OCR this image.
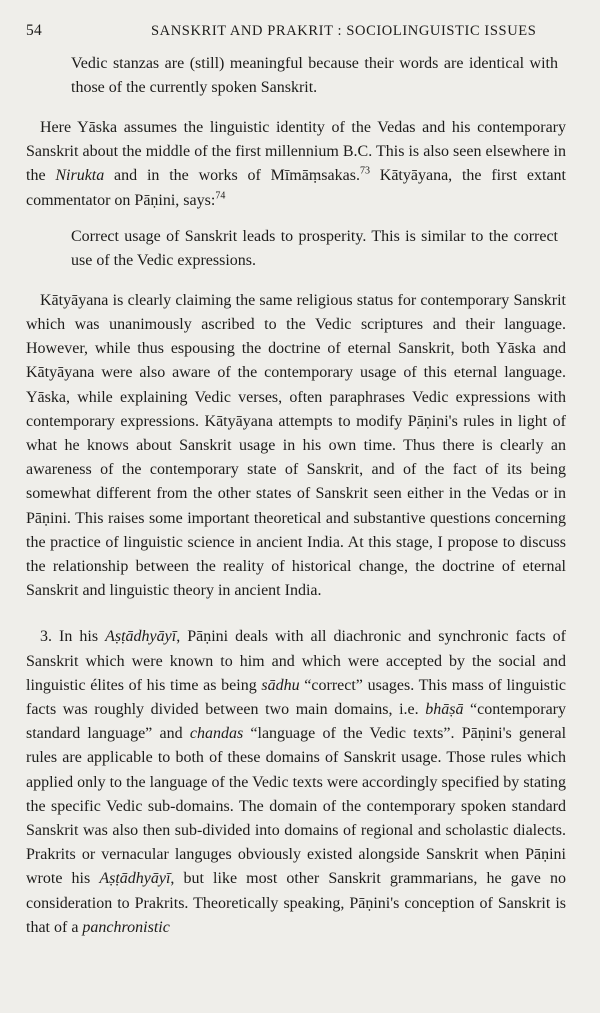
54	SANSKRIT AND PRAKRIT : SOCIOLINGUISTIC ISSUES
Vedic stanzas are (still) meaningful because their words are identical with those of the currently spoken Sanskrit.

Here Yāska assumes the linguistic identity of the Vedas and his contemporary Sanskrit about the middle of the first millennium B.C. This is also seen elsewhere in the Nirukta and in the works of Mīmāṃsakas.$^{73}$ Kātyāyana, the first extant commentator on Pāṇini, says:$^{74}$

Correct usage of Sanskrit leads to prosperity. This is similar to the correct use of the Vedic expressions.

Kātyāyana is clearly claiming the same religious status for contemporary Sanskrit which was unanimously ascribed to the Vedic scriptures and their language. However, while thus espousing the doctrine of eternal Sanskrit, both Yāska and Kātyāyana were also aware of the contemporary usage of this eternal language. Yāska, while explaining Vedic verses, often paraphrases Vedic expressions with contemporary expressions. Kātyāyana attempts to modify Pāṇini's rules in light of what he knows about Sanskrit usage in his own time. Thus there is clearly an awareness of the contemporary state of Sanskrit, and of the fact of its being somewhat different from the other states of Sanskrit seen either in the Vedas or in Pāṇini. This raises some important theoretical and substantive questions concerning the practice of linguistic science in ancient India. At this stage, I propose to discuss the relationship between the reality of historical change, the doctrine of eternal Sanskrit and linguistic theory in ancient India.

3. In his Aṣṭādhyāyī, Pāṇini deals with all diachronic and synchronic facts of Sanskrit which were known to him and which were accepted by the social and linguistic élites of his time as being sādhu “correct” usages. This mass of linguistic facts was roughly divided between two main domains, i.e. bhāṣā “contemporary standard language” and chandas “language of the Vedic texts”. Pāṇini's general rules are applicable to both of these domains of Sanskrit usage. Those rules which applied only to the language of the Vedic texts were accordingly specified by stating the specific Vedic sub-domains. The domain of the contemporary spoken standard Sanskrit was also then sub-divided into domains of regional and scholastic dialects. Prakrits or vernacular languges obviously existed alongside Sanskrit when Pāṇini wrote his Aṣṭādhyāyī, but like most other Sanskrit grammarians, he gave no consideration to Prakrits. Theoretically speaking, Pāṇini's conception of Sanskrit is that of a panchronistic
